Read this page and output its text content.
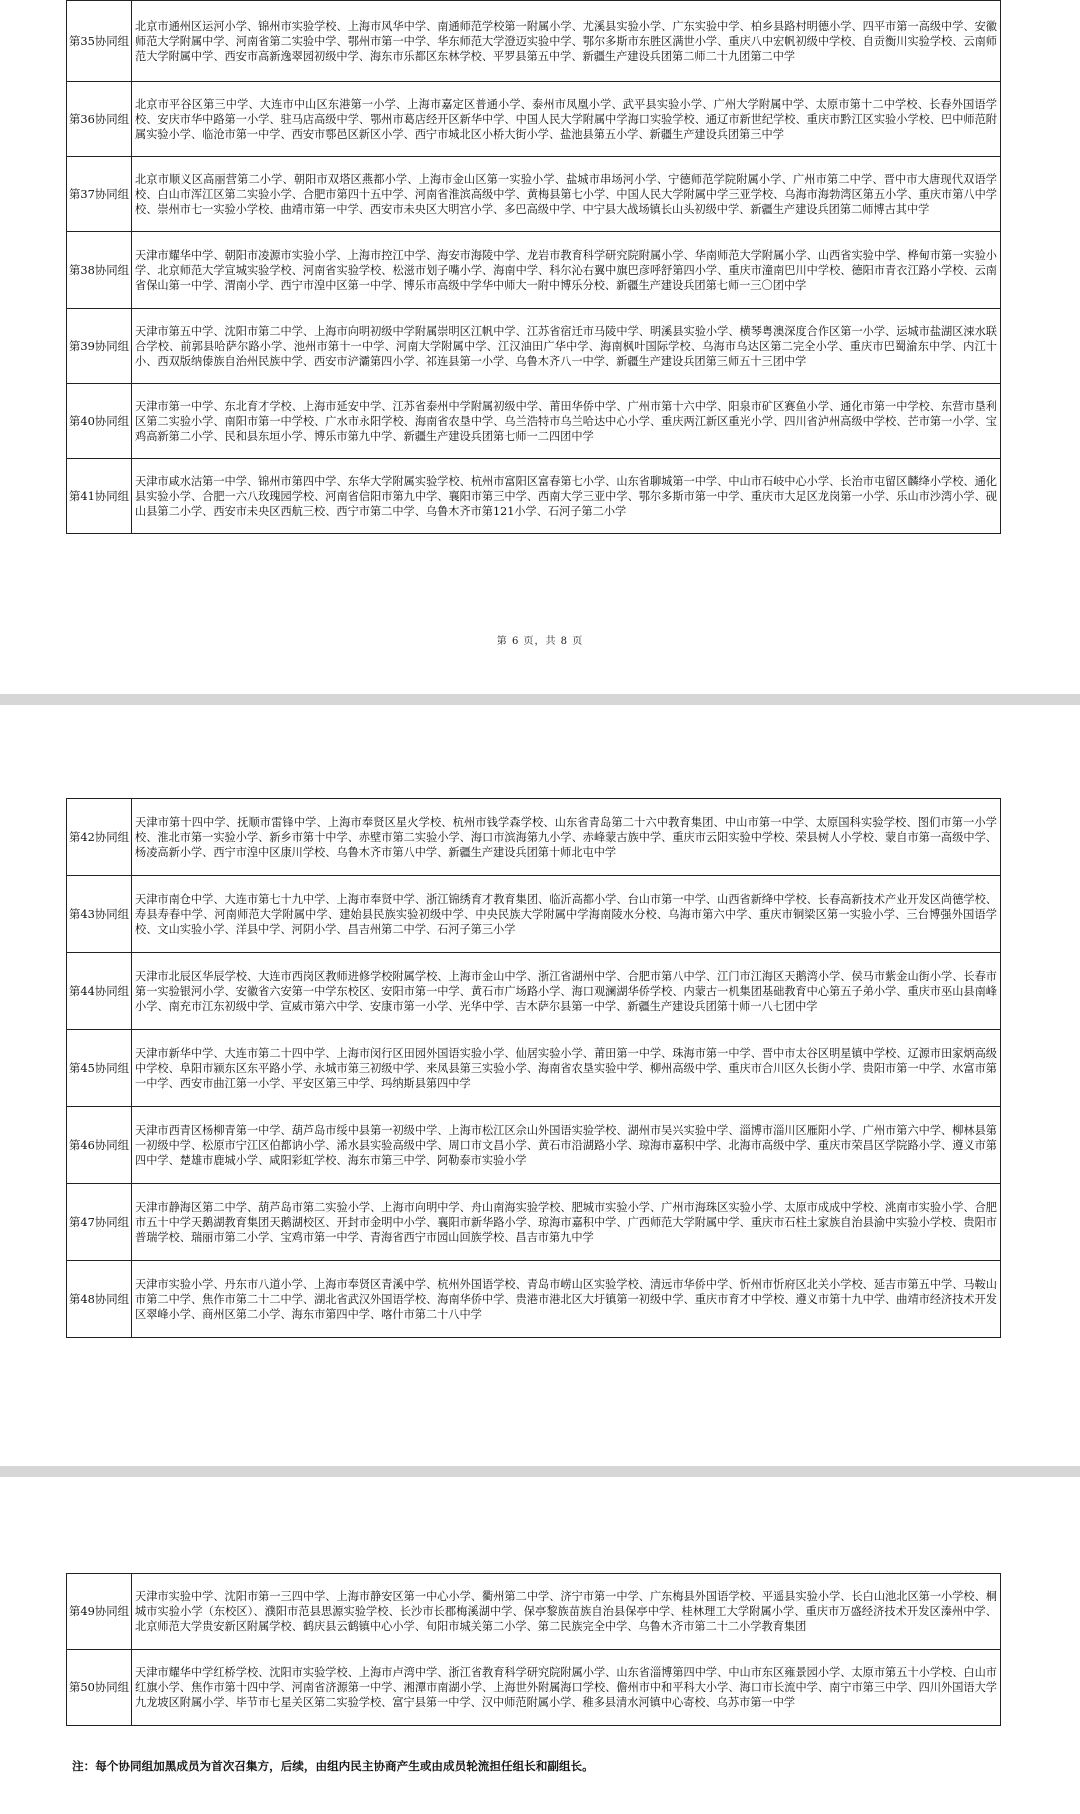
第35协同组	北京市通州区运河小学、锦州市实验学校、上海市风华中学、南通师范学校第一附属小学、尤溪县实验小学、广东实验中学、柏乡县路村明德小学、四平市第一高级中学、安徽师范大学附属中学、河南省第二实验中学、鄂州市第一中学、华东师范大学澄迈实验中学、鄂尔多斯市东胜区满世小学、重庆八中宏帆初级中学校、自贡衡川实验学校、云南师范大学附属中学、西安市高新逸翠园初级中学、海东市乐都区东林学校、平罗县第五中学、新疆生产建设兵团第二师二十九团第二中学
第36协同组	北京市平谷区第三中学、大连市中山区东港第一小学、上海市嘉定区普通小学、泰州市凤凰小学、武平县实验小学、广州大学附属中学、太原市第十二中学校、长春外国语学校、安庆市华中路第一小学、驻马店高级中学、鄂州市葛店经开区新华中学、中国人民大学附属中学海口实验学校、通辽市新世纪学校、重庆市黔江区实验小学校、巴中师范附属实验小学、临沧市第一中学、西安市鄠邑区新区小学、西宁市城北区小桥大街小学、盐池县第五小学、新疆生产建设兵团第三中学
第37协同组	北京市顺义区高丽营第二小学、朝阳市双塔区燕都小学、上海市金山区第一实验小学、盐城市串场河小学、宁德师范学院附属小学、广州市第二中学、晋中市大唐现代双语学校、白山市浑江区第二实验小学、合肥市第四十五中学、河南省淮滨高级中学、黄梅县第七小学、中国人民大学附属中学三亚学校、乌海市海勃湾区第五小学、重庆市第八中学校、崇州市七一实验小学校、曲靖市第一中学、西安市未央区大明宫小学、多巴高级中学、中宁县大战场镇长山头初级中学、新疆生产建设兵团第二师博古其中学
第38协同组	天津市耀华中学、朝阳市凌源市实验小学、上海市控江中学、海安市海陵中学、龙岩市教育科学研究院附属小学、华南师范大学附属小学、山西省实验中学、桦甸市第一实验小学、北京师范大学宣城实验学校、河南省实验学校、松滋市划子嘴小学、海南中学、科尔沁右翼中旗巴彦呼舒第四小学、重庆市潼南巴川中学校、德阳市青衣江路小学校、云南省保山第一中学、渭南小学、西宁市湟中区第一中学、博乐市高级中学华中师大一附中博乐分校、新疆生产建设兵团第七师一三〇团中学
第39协同组	天津市第五中学、沈阳市第二中学、上海市向明初级中学附属崇明区江帆中学、江苏省宿迁市马陵中学、明溪县实验小学、横琴粤澳深度合作区第一小学、运城市盐湖区涑水联合学校、前郭县哈萨尔路小学、池州市第十一中学、河南大学附属中学、江汉油田广华中学、海南枫叶国际学校、乌海市乌达区第二完全小学、重庆市巴蜀渝东中学、内江十小、西双版纳傣族自治州民族中学、西安市浐灞第四小学、祁连县第一小学、乌鲁木齐八一中学、新疆生产建设兵团第三师五十三团中学
第40协同组	天津市第一中学、东北育才学校、上海市延安中学、江苏省泰州中学附属初级中学、莆田华侨中学、广州市第十六中学、阳泉市矿区赛鱼小学、通化市第一中学校、东营市垦利区第二实验小学、南阳市第一中学校、广水市永阳学校、海南省农垦中学、乌兰浩特市乌兰哈达中心小学、重庆两江新区重光小学、四川省泸州高级中学校、芒市第一小学、宝鸡高新第二小学、民和县东垣小学、博乐市第九中学、新疆生产建设兵团第七师一二四团中学
第41协同组	天津市咸水沽第一中学、锦州市第四中学、东华大学附属实验学校、杭州市富阳区富春第七小学、山东省聊城第一中学、中山市石岐中心小学、长治市屯留区麟绛小学校、通化县实验小学、合肥一六八玫瑰园学校、河南省信阳市第九中学、襄阳市第三中学、西南大学三亚中学、鄂尔多斯市第一中学、重庆市大足区龙岗第一小学、乐山市沙湾小学、砚山县第二小学、西安市未央区西航三校、西宁市第二中学、乌鲁木齐市第121小学、石河子第二小学
第 6 页，共 8 页
第42协同组	天津市第十四中学、抚顺市雷锋中学、上海市奉贤区星火学校、杭州市钱学森学校、山东省青岛第二十六中教育集团、中山市第一中学、太原国科实验学校、图们市第一小学校、淮北市第一实验小学、新乡市第十中学、赤壁市第二实验小学、海口市滨海第九小学、赤峰蒙古族中学、重庆市云阳实验中学校、荣县树人小学校、蒙自市第一高级中学、杨凌高新小学、西宁市湟中区康川学校、乌鲁木齐市第八中学、新疆生产建设兵团第十师北屯中学
第43协同组	天津市南仓中学、大连市第七十九中学、上海市奉贤中学、浙江锦绣育才教育集团、临沂高都小学、台山市第一中学、山西省新绛中学校、长春高新技术产业开发区尚德学校、寿县寿春中学、河南师范大学附属中学、建始县民族实验初级中学、中央民族大学附属中学海南陵水分校、乌海市第六中学、重庆市铜梁区第一实验小学、三台博强外国语学校、文山实验小学、洋县中学、河阴小学、昌吉州第二中学、石河子第三小学
第44协同组	天津市北辰区华辰学校、大连市西岗区教师进修学校附属学校、上海市金山中学、浙江省湖州中学、合肥市第八中学、江门市江海区天鹅湾小学、侯马市紫金山街小学、长春市第一实验银河小学、安徽省六安第一中学东校区、安阳市第一中学、黄石市广场路小学、海口观澜湖华侨学校、内蒙古一机集团基础教育中心第五子弟小学、重庆市巫山县南峰小学、南充市江东初级中学、宣威市第六中学、安康市第一小学、光华中学、吉木萨尔县第一中学、新疆生产建设兵团第十师一八七团中学
第45协同组	天津市新华中学、大连市第二十四中学、上海市闵行区田园外国语实验小学、仙居实验小学、莆田第一中学、珠海市第一中学、晋中市太谷区明星镇中学校、辽源市田家炳高级中学校、阜阳市颍东区东平路小学、永城市第三初级中学、来凤县第三实验小学、海南省农垦实验中学、柳州高级中学、重庆市合川区久长街小学、贵阳市第一中学、水富市第一中学、西安市曲江第一小学、平安区第三中学、玛纳斯县第四中学
第46协同组	天津市西青区杨柳青第一中学、葫芦岛市绥中县第一初级中学、上海市松江区佘山外国语实验学校、湖州市吴兴实验中学、淄博市淄川区雁阳小学、广州市第六中学、柳林县第一初级中学、松原市宁江区伯都讷小学、浠水县实验高级中学、周口市文昌小学、黄石市沿湖路小学、琼海市嘉积中学、北海市高级中学、重庆市荣昌区学院路小学、遵义市第四中学、楚雄市鹿城小学、咸阳彩虹学校、海东市第三中学、阿勒泰市实验小学
第47协同组	天津市静海区第二中学、葫芦岛市第二实验小学、上海市向明中学、舟山南海实验学校、肥城市实验小学、广州市海珠区实验小学、太原市成成中学校、洮南市实验小学、合肥市五十中学天鹅湖教育集团天鹅湖校区、开封市金明中小学、襄阳市新华路小学、琼海市嘉积中学、广西师范大学附属中学、重庆市石柱土家族自治县渝中实验小学校、贵阳市普瑞学校、瑞丽市第二小学、宝鸡市第一中学、青海省西宁市园山回族学校、昌吉市第九中学
第48协同组	天津市实验小学、丹东市八道小学、上海市奉贤区青溪中学、杭州外国语学校、青岛市崂山区实验学校、清远市华侨中学、忻州市忻府区北关小学校、延吉市第五中学、马鞍山市第二中学、焦作市第二十二中学、湖北省武汉外国语学校、海南华侨中学、贵港市港北区大圩镇第一初级中学、重庆市育才中学校、遵义市第十九中学、曲靖市经济技术开发区翠峰小学、商州区第二小学、海东市第四中学、喀什市第二十八中学
第49协同组	天津市实验中学、沈阳市第一三四中学、上海市静安区第一中心小学、衢州第二中学、济宁市第一中学、广东梅县外国语学校、平遥县实验小学、长白山池北区第一小学校、桐城市实验小学（东校区）、濮阳市范县思源实验学校、长沙市长郡梅溪湖中学、保亭黎族苗族自治县保亭中学、桂林理工大学附属小学、重庆市万盛经济技术开发区溱州中学、北京师范大学贵安新区附属学校、鹤庆县云鹤镇中心小学、旬阳市城关第二小学、第二民族完全中学、乌鲁木齐市第二十二小学教育集团
第50协同组	天津市耀华中学红桥学校、沈阳市实验学校、上海市卢湾中学、浙江省教育科学研究院附属小学、山东省淄博第四中学、中山市东区雍景园小学、太原市第五十小学校、白山市红旗小学、焦作市第十四中学、河南省济源第一中学、湘潭市南湖小学、上海世外附属海口学校、儋州市中和平科大小学、海口市长流中学、南宁市第三中学、四川外国语大学九龙坡区附属小学、毕节市七星关区第二实验学校、富宁县第一中学、汉中师范附属小学、稚多县清水河镇中心寄校、乌苏市第一中学
注：每个协同组加黑成员为首次召集方，后续，由组内民主协商产生或由成员轮流担任组长和副组长。
